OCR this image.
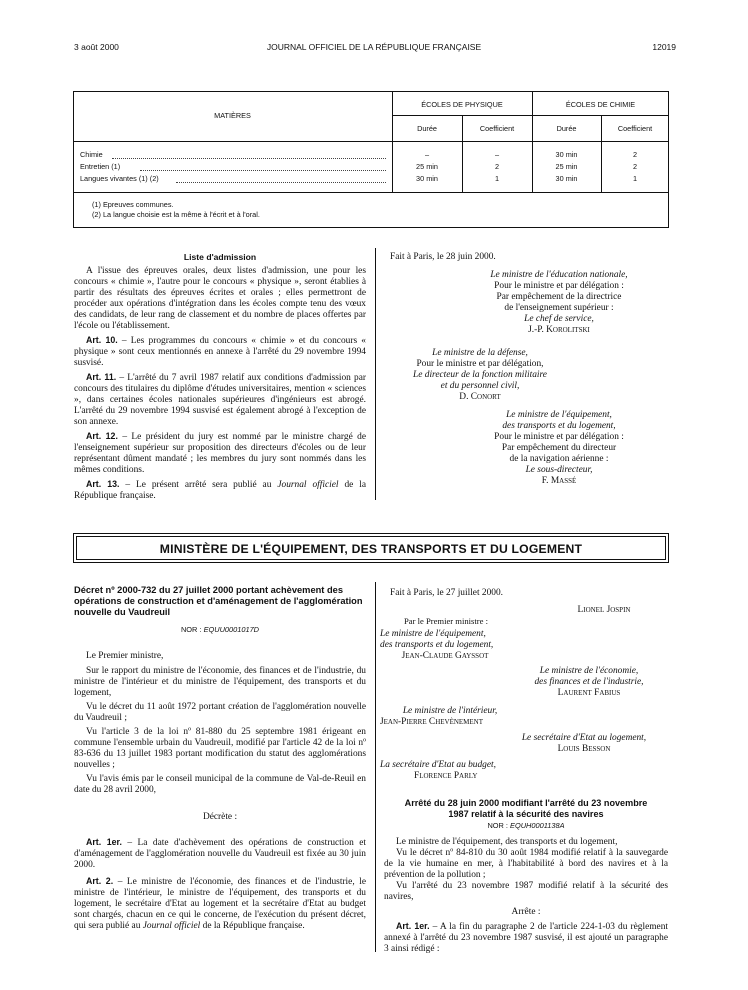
3 août 2000	JOURNAL OFFICIEL DE LA RÉPUBLIQUE FRANÇAISE	12019
MATIÈRES
ÉCOLES DE PHYSIQUE	ÉCOLES DE CHIMIE
Durée	Coefficient	Durée	Coefficient
Chimie	–	–	30 min	2
Entretien (1)	25 min	2	25 min	2
Langues vivantes (1) (2)	30 min	1	30 min	1
(1) Epreuves communes.
(2) La langue choisie est la même à l'écrit et à l'oral.
Liste d'admission

A l'issue des épreuves orales, deux listes d'admission, une pour les concours « chimie », l'autre pour le concours « physique », seront établies à partir des résultats des épreuves écrites et orales ; elles permettront de procéder aux opérations d'intégration dans les écoles compte tenu des vœux des candidats, de leur rang de classement et du nombre de places offertes par l'école ou l'établissement.

Art. 10. – Les programmes du concours « chimie » et du concours « physique » sont ceux mentionnés en annexe à l'arrêté du 29 novembre 1994 susvisé.

Art. 11. – L'arrêté du 7 avril 1987 relatif aux conditions d'admission par concours des titulaires du diplôme d'études universitaires, mention « sciences », dans certaines écoles nationales supérieures d'ingénieurs est abrogé. L'arrêté du 29 novembre 1994 susvisé est également abrogé à l'exception de son annexe.

Art. 12. – Le président du jury est nommé par le ministre chargé de l'enseignement supérieur sur proposition des directeurs d'écoles ou de leur représentant dûment mandaté ; les membres du jury sont nommés dans les mêmes conditions.

Art. 13. – Le présent arrêté sera publié au Journal officiel de la République française.

Fait à Paris, le 28 juin 2000.
Le ministre de l'éducation nationale,
Pour le ministre et par délégation :
Par empêchement de la directrice
de l'enseignement supérieur :
Le chef de service,
J.-P. Korolitski
Le ministre de la défense,
Pour le ministre et par délégation,
Le directeur de la fonction militaire
et du personnel civil,
D. Conort
Le ministre de l'équipement,
des transports et du logement,
Pour le ministre et par délégation :
Par empêchement du directeur
de la navigation aérienne :
Le sous-directeur,
F. Massé
MINISTÈRE DE L'ÉQUIPEMENT, DES TRANSPORTS ET DU LOGEMENT
Décret nº 2000-732 du 27 juillet 2000 portant achèvement des opérations de construction et d'aménagement de l'agglomération nouvelle du Vaudreuil
NOR : EQUU0001017D

Le Premier ministre,

Sur le rapport du ministre de l'économie, des finances et de l'industrie, du ministre de l'intérieur et du ministre de l'équipement, des transports et du logement,

Vu le décret du 11 août 1972 portant création de l'agglomération nouvelle du Vaudreuil ;

Vu l'article 3 de la loi nº 81-880 du 25 septembre 1981 érigeant en commune l'ensemble urbain du Vaudreuil, modifié par l'article 42 de la loi nº 83-636 du 13 juillet 1983 portant modification du statut des agglomérations nouvelles ;

Vu l'avis émis par le conseil municipal de la commune de Val-de-Reuil en date du 28 avril 2000,

Décrète :

Art. 1er. – La date d'achèvement des opérations de construction et d'aménagement de l'agglomération nouvelle du Vaudreuil est fixée au 30 juin 2000.

Art. 2. – Le ministre de l'économie, des finances et de l'industrie, le ministre de l'intérieur, le ministre de l'équipement, des transports et du logement, le secrétaire d'Etat au logement et la secrétaire d'Etat au budget sont chargés, chacun en ce qui le concerne, de l'exécution du présent décret, qui sera publié au Journal officiel de la République française.

Fait à Paris, le 27 juillet 2000.
Lionel Jospin
Par le Premier ministre :
Le ministre de l'équipement,
des transports et du logement,
Jean-Claude Gayssot
Le ministre de l'économie,
des finances et de l'industrie,
Laurent Fabius
Le ministre de l'intérieur,
Jean-Pierre Chevènement
Le secrétaire d'Etat au logement,
Louis Besson
La secrétaire d'Etat au budget,
Florence Parly
Arrêté du 28 juin 2000 modifiant l'arrêté du 23 novembre 1987 relatif à la sécurité des navires
NOR : EQUH0001138A

Le ministre de l'équipement, des transports et du logement,

Vu le décret nº 84-810 du 30 août 1984 modifié relatif à la sauvegarde de la vie humaine en mer, à l'habitabilité à bord des navires et à la prévention de la pollution ;

Vu l'arrêté du 23 novembre 1987 modifié relatif à la sécurité des navires,

Arrête :

Art. 1er. – A la fin du paragraphe 2 de l'article 224-1-03 du règlement annexé à l'arrêté du 23 novembre 1987 susvisé, il est ajouté un paragraphe 3 ainsi rédigé :
